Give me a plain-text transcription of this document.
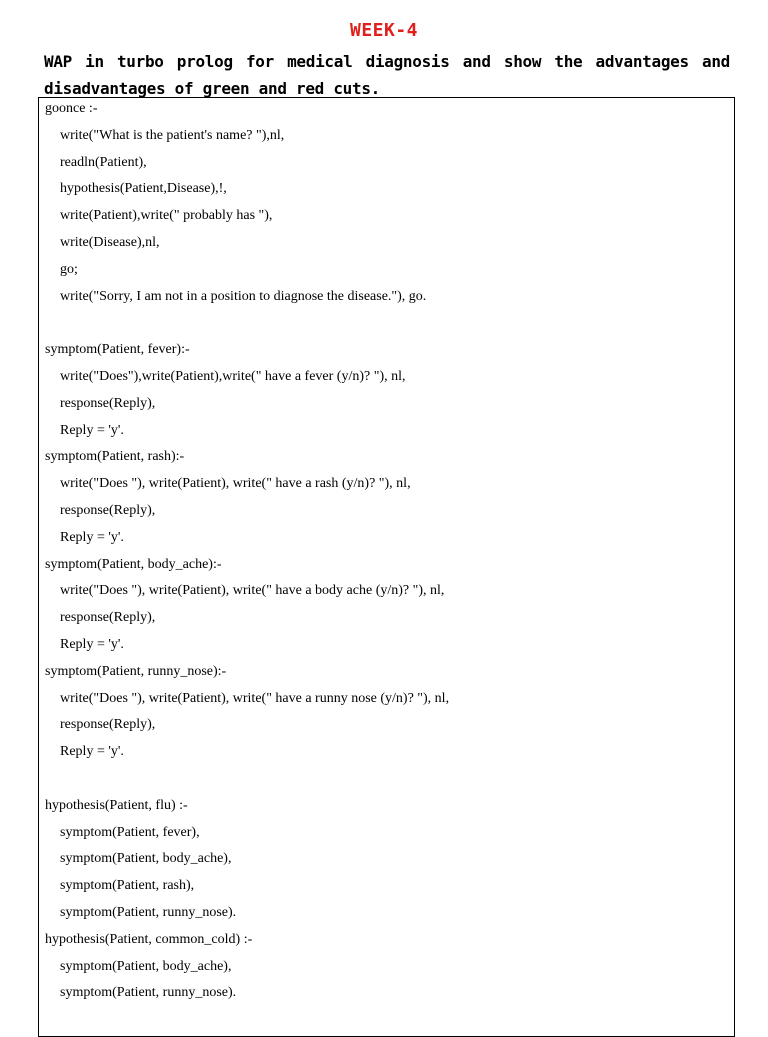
WEEK-4
WAP in turbo prolog for medical diagnosis and show the advantages and disadvantages of green and red cuts.
goonce :-
write("What is the patient's name? "),nl,
readln(Patient),
hypothesis(Patient,Disease),!,
write(Patient),write(" probably has "),
write(Disease),nl,
go;
write("Sorry, I am not in a position to diagnose the disease."), go.
symptom(Patient, fever):-
write("Does"),write(Patient),write(" have a fever (y/n)? "), nl,
response(Reply),
Reply = 'y'.
symptom(Patient, rash):-
write("Does "), write(Patient), write(" have a rash (y/n)? "), nl,
response(Reply),
Reply = 'y'.
symptom(Patient, body_ache):-
write("Does "), write(Patient), write(" have a body ache (y/n)? "), nl,
response(Reply),
Reply = 'y'.
symptom(Patient, runny_nose):-
write("Does "), write(Patient), write(" have a runny nose (y/n)? "), nl,
response(Reply),
Reply = 'y'.
hypothesis(Patient, flu) :-
symptom(Patient, fever),
symptom(Patient, body_ache),
symptom(Patient, rash),
symptom(Patient, runny_nose).
hypothesis(Patient, common_cold) :-
symptom(Patient, body_ache),
symptom(Patient, runny_nose).
